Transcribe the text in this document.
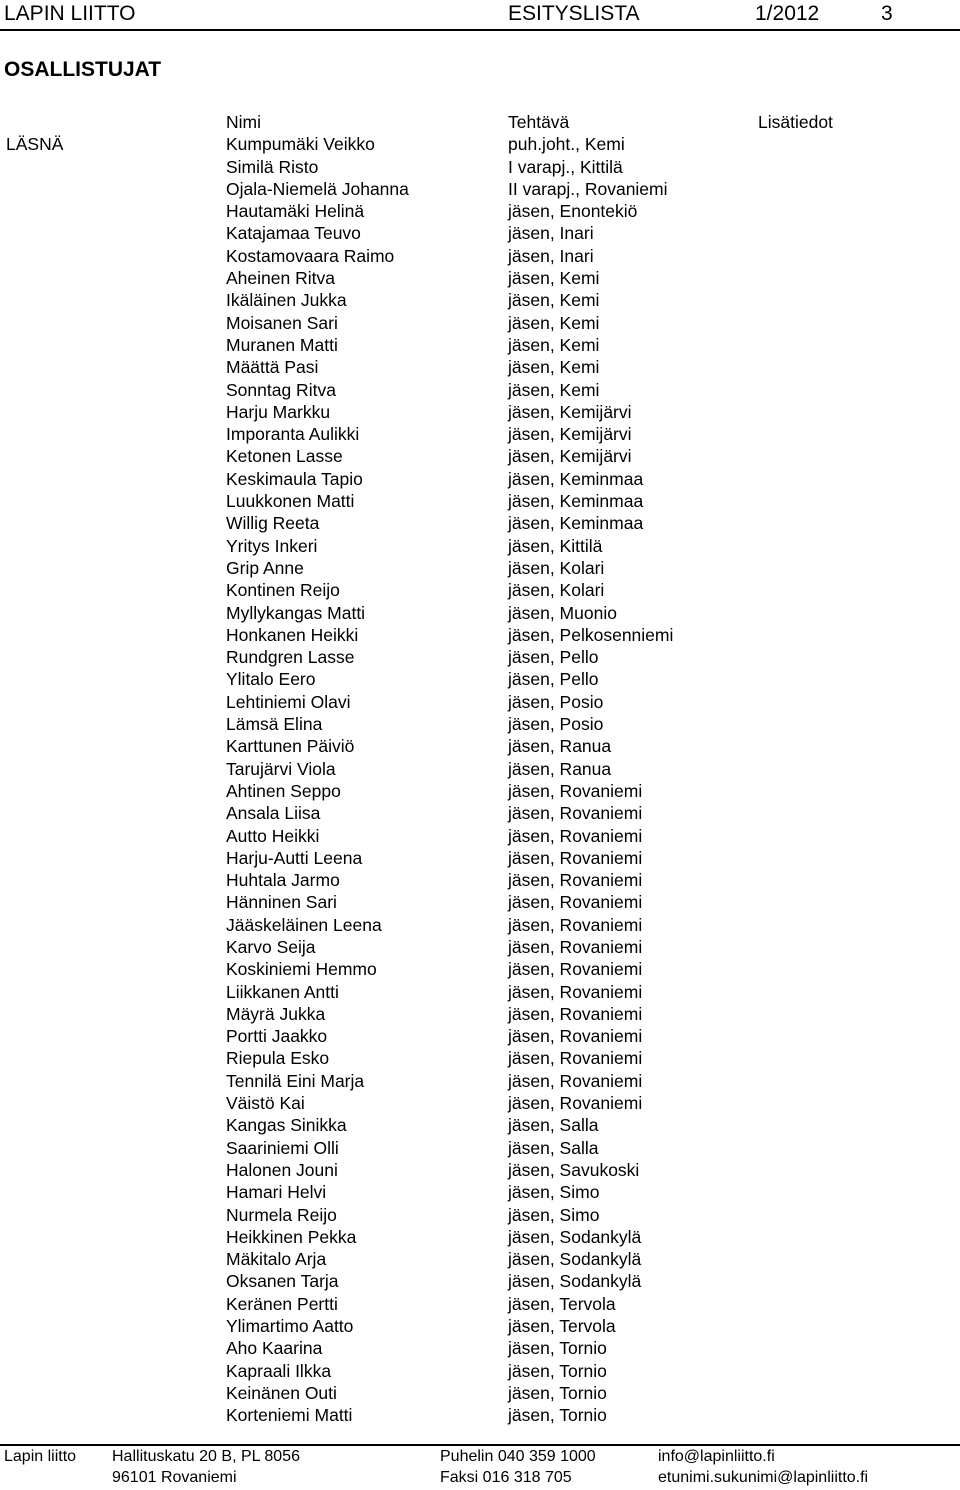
LAPIN LIITTO	ESITYSLISTA	1/2012	3
OSALLISTUJAT
Nimi	Tehtävä	Lisätiedot
LÄSNÄ	Kumpumäki Veikko	puh.joht., Kemi
Similä Risto	I varapj., Kittilä
Ojala-Niemelä Johanna	II varapj., Rovaniemi
Hautamäki Helinä	jäsen, Enontekiö
Katajamaa Teuvo	jäsen, Inari
Kostamovaara Raimo	jäsen, Inari
Aheinen Ritva	jäsen, Kemi
Ikäläinen Jukka	jäsen, Kemi
Moisanen Sari	jäsen, Kemi
Muranen Matti	jäsen, Kemi
Määttä Pasi	jäsen, Kemi
Sonntag Ritva	jäsen, Kemi
Harju Markku	jäsen, Kemijärvi
Imporanta Aulikki	jäsen, Kemijärvi
Ketonen Lasse	jäsen, Kemijärvi
Keskimaula Tapio	jäsen, Keminmaa
Luukkonen Matti	jäsen, Keminmaa
Willig Reeta	jäsen, Keminmaa
Yritys Inkeri	jäsen, Kittilä
Grip Anne	jäsen, Kolari
Kontinen Reijo	jäsen, Kolari
Myllykangas Matti	jäsen, Muonio
Honkanen Heikki	jäsen, Pelkosenniemi
Rundgren Lasse	jäsen, Pello
Ylitalo Eero	jäsen, Pello
Lehtiniemi Olavi	jäsen, Posio
Lämsä Elina	jäsen, Posio
Karttunen Päiviö	jäsen, Ranua
Tarujärvi Viola	jäsen, Ranua
Ahtinen Seppo	jäsen, Rovaniemi
Ansala Liisa	jäsen, Rovaniemi
Autto Heikki	jäsen, Rovaniemi
Harju-Autti Leena	jäsen, Rovaniemi
Huhtala Jarmo	jäsen, Rovaniemi
Hänninen Sari	jäsen, Rovaniemi
Jääskeläinen Leena	jäsen, Rovaniemi
Karvo Seija	jäsen, Rovaniemi
Koskiniemi Hemmo	jäsen, Rovaniemi
Liikkanen Antti	jäsen, Rovaniemi
Mäyrä Jukka	jäsen, Rovaniemi
Portti Jaakko	jäsen, Rovaniemi
Riepula Esko	jäsen, Rovaniemi
Tennilä Eini Marja	jäsen, Rovaniemi
Väistö Kai	jäsen, Rovaniemi
Kangas Sinikka	jäsen, Salla
Saariniemi Olli	jäsen, Salla
Halonen Jouni	jäsen, Savukoski
Hamari Helvi	jäsen, Simo
Nurmela Reijo	jäsen, Simo
Heikkinen Pekka	jäsen, Sodankylä
Mäkitalo Arja	jäsen, Sodankylä
Oksanen Tarja	jäsen, Sodankylä
Keränen Pertti	jäsen, Tervola
Ylimartimo Aatto	jäsen, Tervola
Aho Kaarina	jäsen, Tornio
Kapraali Ilkka	jäsen, Tornio
Keinänen Outi	jäsen, Tornio
Korteniemi Matti	jäsen, Tornio
Lapin liitto Hallituskatu 20 B, PL 8056	Puhelin 040 359 1000	info@lapinliitto.fi
96101 Rovaniemi	Faksi 016 318 705	etunimi.sukunimi@lapinliitto.fi
